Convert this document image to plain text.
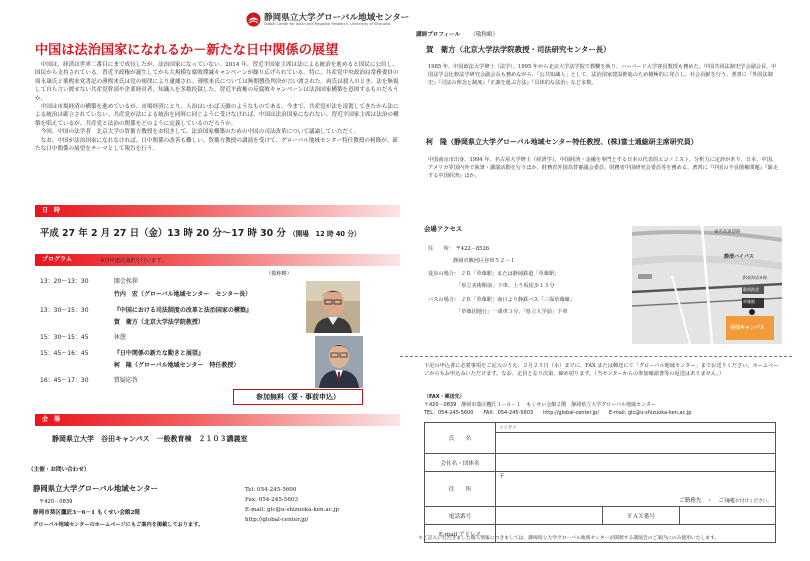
静岡県立大学グローバル地域センター
Global Center for Asian and Regional Research, University of Shizuoka
中国は法治国家になれるか－新たな日中関係の展望

中国は、経済は世界二番目にまで成長したが、法治国家になっていない。2014 年、習近平国家主席は法による統治を進めると国民に公約し、国民から支持されている。習近平政権が誕生してから大規模な腐敗撲滅キャンペーンが繰り広げられている。特に、共産党中央政治局常務委員の周永康氏と薬熙来党書記の薄熙来氏は党の規律により逮捕され、薄熙来氏については無期懲役判決が言い渡された。両氏は殺人のとき、法を無視して自ら言い渡せない共産党幹部や企業経営者、知識人を多数投獄した。習近平政権の反腐敗キャンペーンは法治国家構築を意図するものだろうか。

中国は市場経済の構築を進めているが、市場経済にとり、人治はいわば天敵のようなものである。今まで、共産党が法を凌駕してきたから法による統治は確立されていない。共産党が法による統治を同時に同じように受けなければ、中国は法治国家になれない。習近平国家主席は法治の構築を唱えているが、共産党と法治の関係をどのように定義しているのだろうか。

今回、中国の法学者　北京大学の賀衛方教授をお招きして、法治国家構築のための中国の司法改革について議論していただく。

なお、中国が法治国家になれなければ、日中関係の改善も難しい。賀衛方教授の講演を受けて、グローバル地域センター特任教授の柯隆が、新たな日中関係の展望をテーマとして報告を行う。

日　時
平成 27 年 2 月 27 日（金）13 時 20 分～17 時 30 分 （開場　12 時 40 分）
プログラム	※日中逐次通訳を行います。
（敬称略）
13：20～13：30	開会挨拶
竹内　宏（グローバル地域センター　センター長）
13：30～15：30	『中国における司法制度の改革と法治国家の構築』
賀　衛方（北京大学法学院教授）
15：30～15：45	休憩
15：45～16：45	『日中関係の新たな動きと展望』
柯　隆（グローバル地域センター　特任教授）
16：45～17：30	質疑応答
参加無料（要・事前申込）
会　場
静岡県立大学　谷田キャンパス　一般教育棟　２１０３講義室
（主催・お問い合わせ）
静岡県立大学グローバル地域センター
〒420－0839
静岡市葵区鷹匠3－6－1 もくせい会館2階
グローバル地域センターのホームページにもご案内を掲載しております。
Tel: 054-245-5600
Fax: 054-245-5603
E-mail: glc@u-shizuoka-ken.ac.jp
http://global-center.jp/
講師プロフィール （敬称略）
賀　衛方（北京大学法学院教授・司法研究センター長）
1985 年、中国政法大学修士（法学）。1995 年から北京大学法学院で教鞭を執り、ハーバード大学客員教授も務めた。中国共同法制史学会副会長、中国法学会比較法学研究会副会長も務めながら、「公共知識人」として、法治国家建設推進のため積極的に発言し、社会貢献を行う。著書に『外国法制史』『司法の理念と制度』『正義を運ぶ方法』『具体的な法治』など多数。
柯　隆（静岡県立大学グローバル地域センター特任教授、(株)富士通総研主席研究員）
中国南京市出身。1994 年、名古屋大学修士（経済学）。中国経済・金融を専門とする日本の代表的エコノミスト。分析力に定評があり、日本、中国、アメリカ等国内外で執筆・講演活動を行うほか、財務省外国為替審議会委員、財務省中国研究会委員等を務める。著書に『中国の不良債権問題』『暴走する中国経済』ほか。
会場アクセス
住　　所： 〒422－8526
静岡市駿河区谷田５２－１
徒歩の場合： ＪＲ「草薙駅」または静岡鉄道「草薙駅」
「県立美術館前」下車、上り坂徒歩１５分
バスの場合： ＪＲ「草薙駅」南口より静鉄バス「三保草薙線」
「草薙団地行」一乗車３分、「県立大学前」下車
東名高速道路
静清バイパス
JR東海道本線
静岡鉄道
草薙駅
谷田キャンパス
下記の申込書に必要事項をご記入のうえ、２月２５日（水）までに、FAX または郵送にて「グローバル地域センター」までお送りください。ホームページからもお申込みいただけます。なお、定員となり次第、締め切ります。（当センターからの参加確認書等の返送はありません。）
（FAX・郵送先）
〒420－0839　静岡市葵区鷹匠３－６－１　もくせい会館２階　静岡県立大学グローバル地域センター
TEL：054-245-5600　　FAX：054-245-5603　　http://global-center.jp/　　E-mail: glc@u-shizuoka-ken.ac.jp
氏　　名	ツリガナ		

会社名・団体名			
住　　所	〒
ご勤務先　・　ご自宅
◎をお付けください。		

電話番号		ＦＡＸ番号	
E-mail アドレス			
＊ご記入いただきました個人情報につきましては、静岡県立大学グローバル地域センターが開催する講演会のご案内にのみ使用いたします。
